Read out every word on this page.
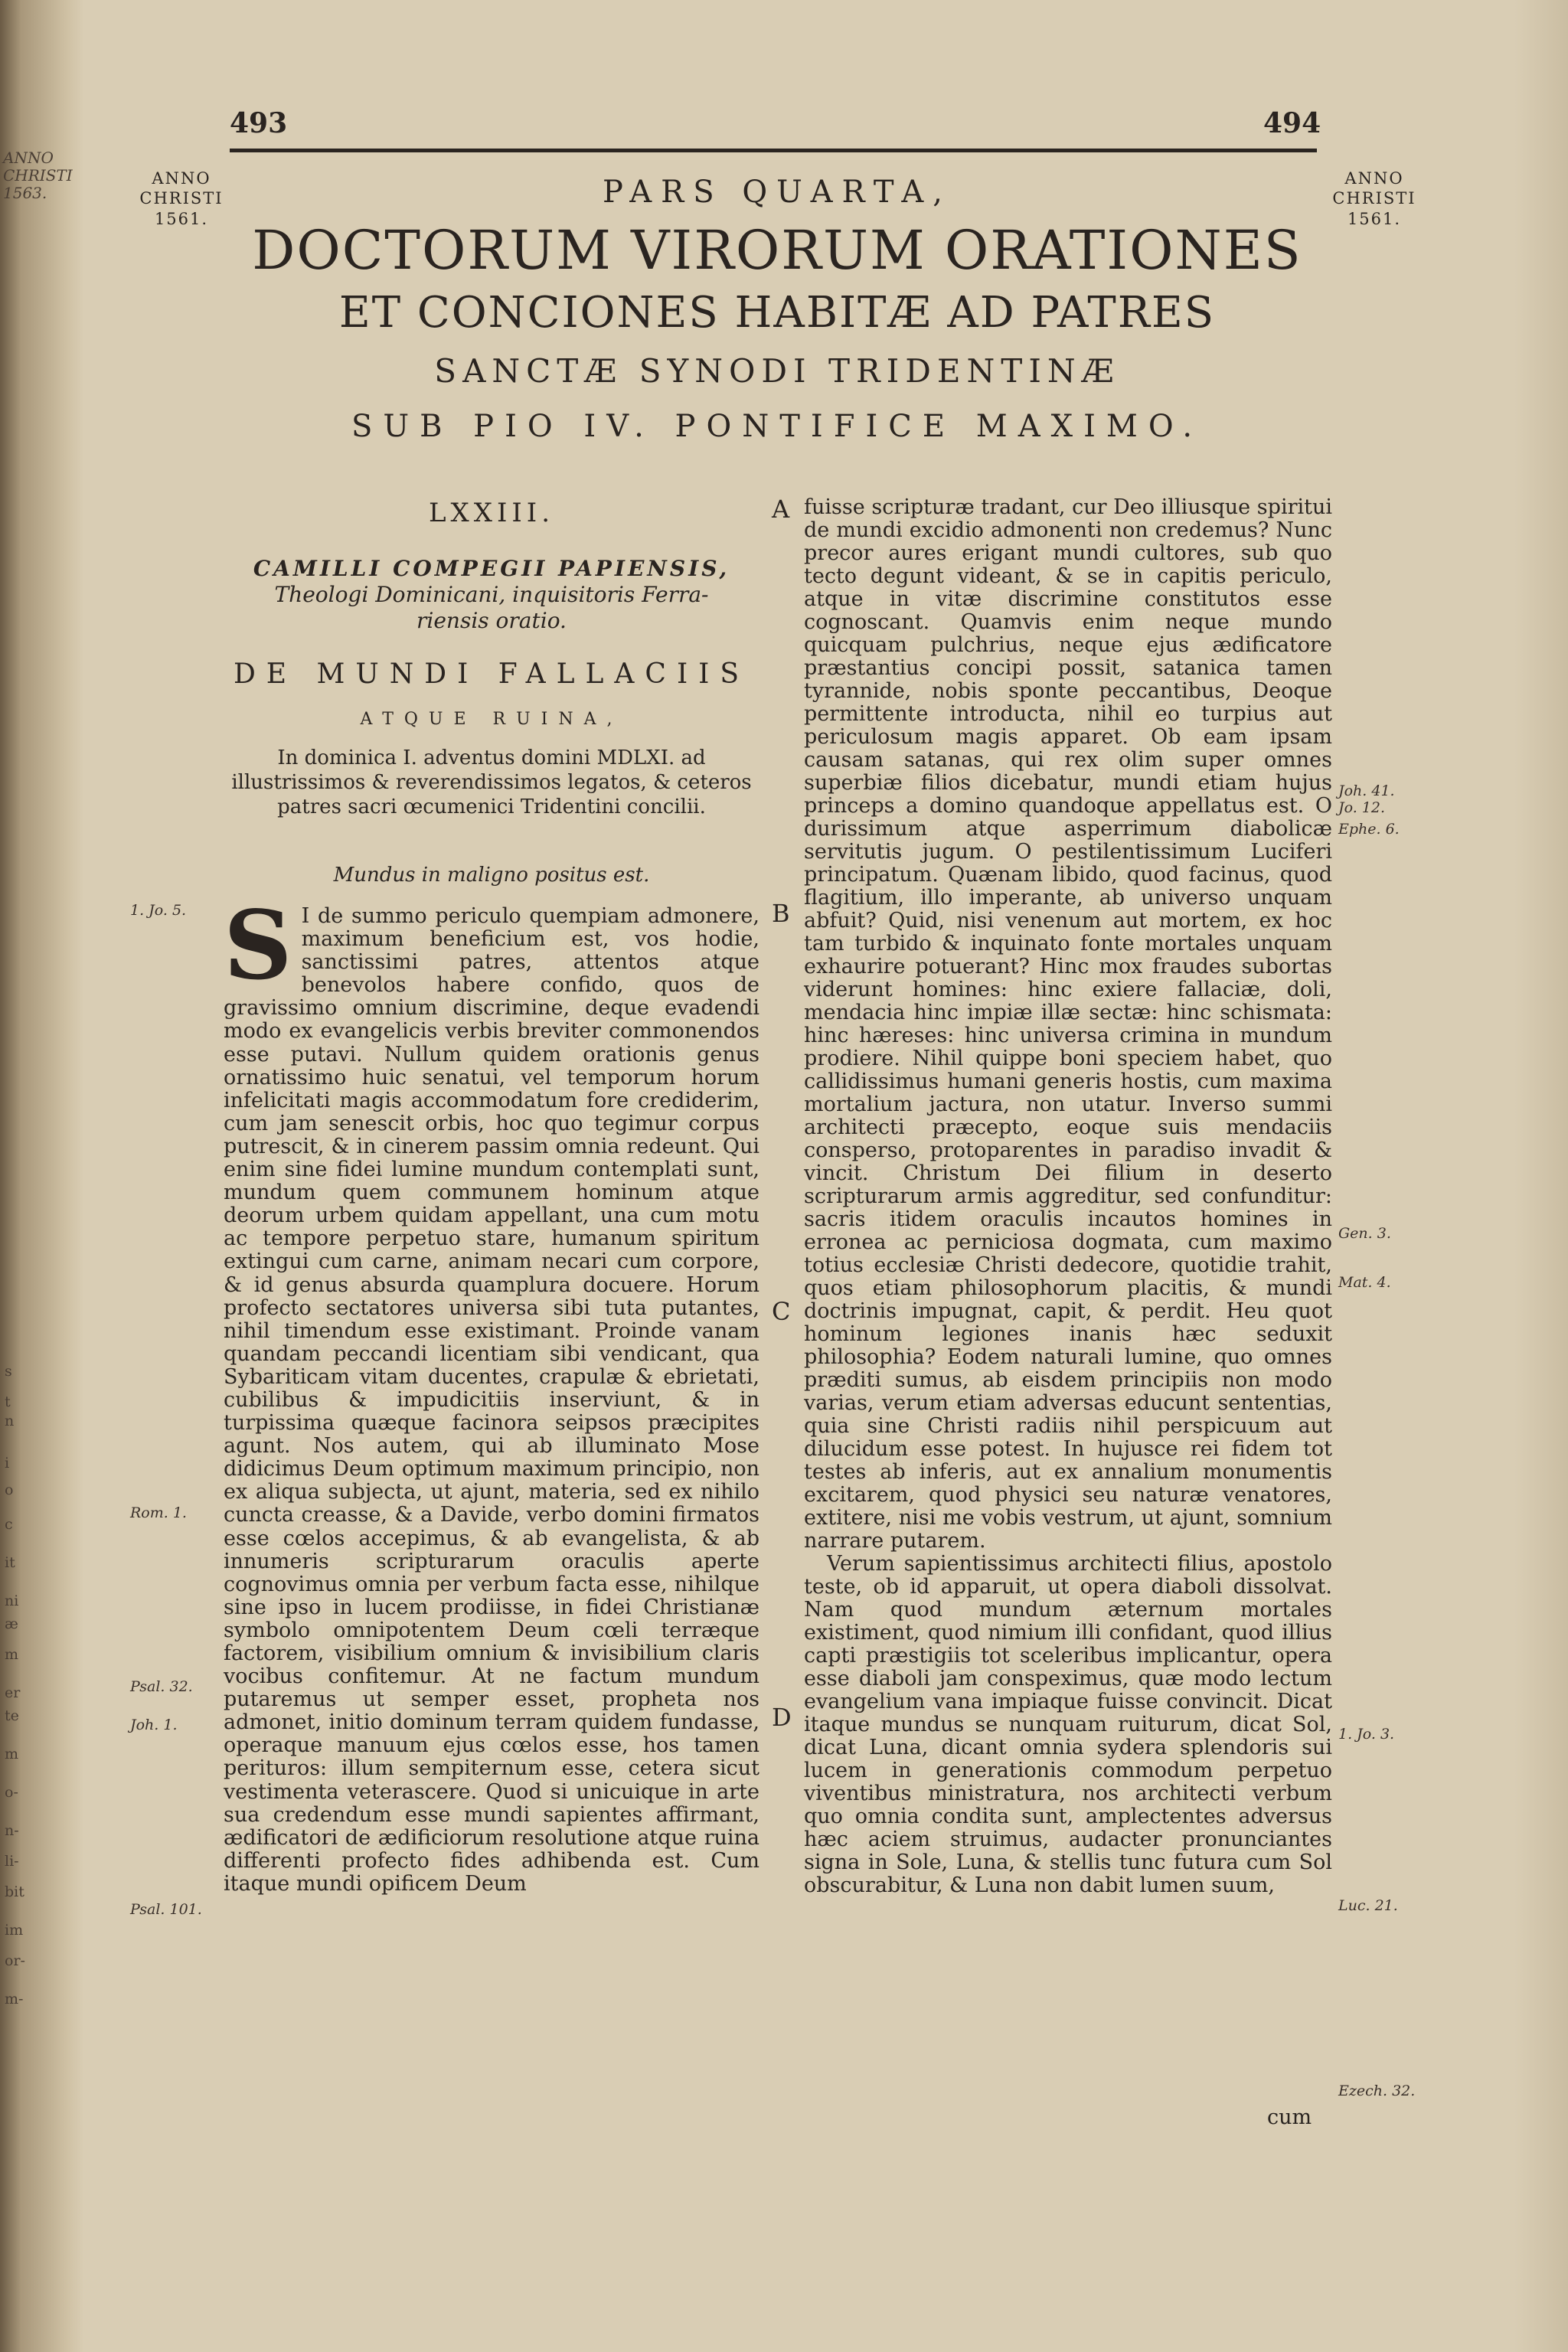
ANNO
CHRISTI
1563.
s
t
n
i
o
c
it
ni
æ
m
er
te
m
o-
n-
li-
bit
im
or-
m-
493	494
ANNO
CHRISTI
1561.
ANNO
CHRISTI
1561.

PARS QUARTA,

DOCTORUM VIRORUM ORATIONES

ET CONCIONES HABITÆ AD PATRES

SANCTÆ SYNODI TRIDENTINÆ

SUB PIO IV. PONTIFICE MAXIMO.

LXXIII.

CAMILLI COMPEGII PAPIENSIS,
Theologi Dominicani, inquisitoris Ferra-
riensis oratio.

DE MUNDI FALLACIIS

ATQUE RUINA,

In dominica I. adventus domini MDLXI. ad illustrissimos & reverendissimos legatos, & ceteros patres sacri œcumenici Tridentini concilii.

Mundus in maligno positus est.

S I de summo periculo quempiam admonere, maximum beneficium est, vos hodie, sanctissimi patres, attentos atque benevolos habere confido, quos de gravissimo omnium discrimine, deque evadendi modo ex evangelicis verbis breviter commonendos esse putavi. Nullum quidem orationis genus ornatissimo huic senatui, vel temporum horum infelicitati magis accommodatum fore crediderim, cum jam senescit orbis, hoc quo tegimur corpus putrescit, & in cinerem passim omnia redeunt. Qui enim sine fidei lumine mundum contemplati sunt, mundum quem communem hominum atque deorum urbem quidam appellant, una cum motu ac tempore perpetuo stare, humanum spiritum extingui cum carne, animam necari cum corpore, & id genus absurda quamplura docuere. Horum profecto sectatores universa sibi tuta putantes, nihil timendum esse existimant. Proinde vanam quandam peccandi licentiam sibi vendicant, qua Sybariticam vitam ducentes, crapulæ & ebrietati, cubilibus & impudicitiis inserviunt, & in turpissima quæque facinora seipsos præcipites agunt. Nos autem, qui ab illuminato Mose didicimus Deum optimum maximum principio, non ex aliqua subjecta, ut ajunt, materia, sed ex nihilo cuncta creasse, & a Davide, verbo domini firmatos esse cœlos accepimus, & ab evangelista, & ab innumeris scripturarum oraculis aperte cognovimus omnia per verbum facta esse, nihilque sine ipso in lucem prodiisse, in fidei Christianæ symbolo omnipotentem Deum cœli terræque factorem, visibilium omnium & invisibilium claris vocibus confitemur. At ne factum mundum putaremus ut semper esset, propheta nos admonet, initio dominum terram quidem fundasse, operaque manuum ejus cœlos esse, hos tamen perituros: illum sempiternum esse, cetera sicut vestimenta veterascere. Quod si unicuique in arte sua credendum esse mundi sapientes affirmant, ædificatori de ædificiorum resolutione atque ruina differenti profecto fides adhibenda est. Cum itaque mundi opificem Deum

fuisse scripturæ tradant, cur Deo illiusque spiritui de mundi excidio admonenti non credemus? Nunc precor aures erigant mundi cultores, sub quo tecto degunt videant, & se in capitis periculo, atque in vitæ discrimine constitutos esse cognoscant. Quamvis enim neque mundo quicquam pulchrius, neque ejus ædificatore præstantius concipi possit, satanica tamen tyrannide, nobis sponte peccantibus, Deoque permittente introducta, nihil eo turpius aut periculosum magis apparet. Ob eam ipsam causam satanas, qui rex olim super omnes superbiæ filios dicebatur, mundi etiam hujus princeps a domino quandoque appellatus est. O durissimum atque asperrimum diabolicæ servitutis jugum. O pestilentissimum Luciferi principatum. Quænam libido, quod facinus, quod flagitium, illo imperante, ab universo unquam abfuit? Quid, nisi venenum aut mortem, ex hoc tam turbido & inquinato fonte mortales unquam exhaurire potuerant? Hinc mox fraudes subortas viderunt homines: hinc exiere fallaciæ, doli, mendacia hinc impiæ illæ sectæ: hinc schismata: hinc hæreses: hinc universa crimina in mundum prodiere. Nihil quippe boni speciem habet, quo callidissimus humani generis hostis, cum maxima mortalium jactura, non utatur. Inverso summi architecti præcepto, eoque suis mendaciis conspersο, protoparentes in paradiso invadit & vincit. Christum Dei filium in deserto scripturarum armis aggreditur, sed confunditur: sacris itidem oraculis incautos homines in erronea ac perniciosa dogmata, cum maximo totius ecclesiæ Christi dedecore, quotidie trahit, quos etiam philosophorum placitis, & mundi doctrinis impugnat, capit, & perdit. Heu quot hominum legiones inanis hæc seduxit philosophia? Eodem naturali lumine, quo omnes præditi sumus, ab eisdem principiis non modo varias, verum etiam adversas educunt sententias, quia sine Christi radiis nihil perspicuum aut dilucidum esse potest. In hujusce rei fidem tot testes ab inferis, aut ex annalium monumentis excitarem, quod physici seu naturæ venatores, extitere, nisi me vobis vestrum, ut ajunt, somnium narrare putarem.

Verum sapientissimus architecti filius, apostolo teste, ob id apparuit, ut opera diaboli dissolvat. Nam quod mundum æternum mortales existiment, quod nimium illi confidant, quod illius capti præstigiis tot sceleribus implicantur, opera esse diaboli jam conspeximus, quæ modo lectum evangelium vana impiaque fuisse convincit. Dicat itaque mundus se nunquam ruiturum, dicat Sol, dicat Luna, dicant omnia sydera splendoris sui lucem in generationis commodum perpetuo viventibus ministratura, nos architecti verbum quo omnia condita sunt, amplectentes adversus hæc aciem struimus, audacter pronunciantes signa in Sole, Luna, & stellis tunc futura cum Sol obscurabitur, & Luna non dabit lumen suum,

cum
A
B
C
D
1. Jo. 5.
Rom. 1.
Psal. 32.
Joh. 1.
Psal. 101.
Joh. 41.
Jo. 12.
Ephe. 6.
Gen. 3.
Mat. 4.
1. Jo. 3.
Luc. 21.
Ezech. 32.
